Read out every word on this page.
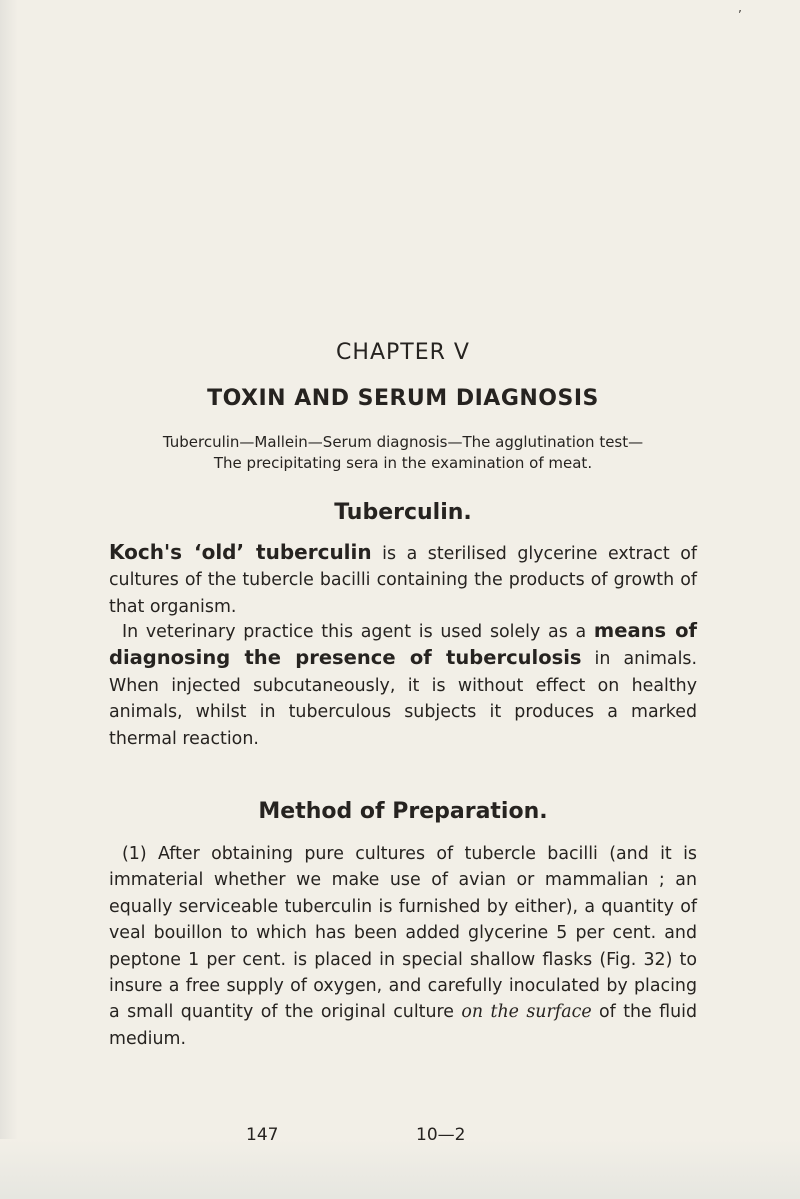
’
CHAPTER V
TOXIN AND SERUM DIAGNOSIS
Tuberculin—Mallein—Serum diagnosis—The agglutination test—
The precipitating sera in the examination of meat.
Tuberculin.

Koch's ‘old’ tuberculin is a sterilised glycerine extract of cultures of the tubercle bacilli containing the products of growth of that organism.

In veterinary practice this agent is used solely as a means of diagnosing the presence of tuberculosis in animals. When injected subcutaneously, it is without effect on healthy animals, whilst in tuberculous subjects it produces a marked thermal reaction.

Method of Preparation.

(1) After obtaining pure cultures of tubercle bacilli (and it is immaterial whether we make use of avian or mammalian ; an equally serviceable tuberculin is furnished by either), a quantity of veal bouillon to which has been added glycerine 5 per cent. and peptone 1 per cent. is placed in special shallow flasks (Fig. 32) to insure a free supply of oxygen, and carefully inoculated by placing a small quantity of the original culture on the surface of the fluid medium.

147	10—2
